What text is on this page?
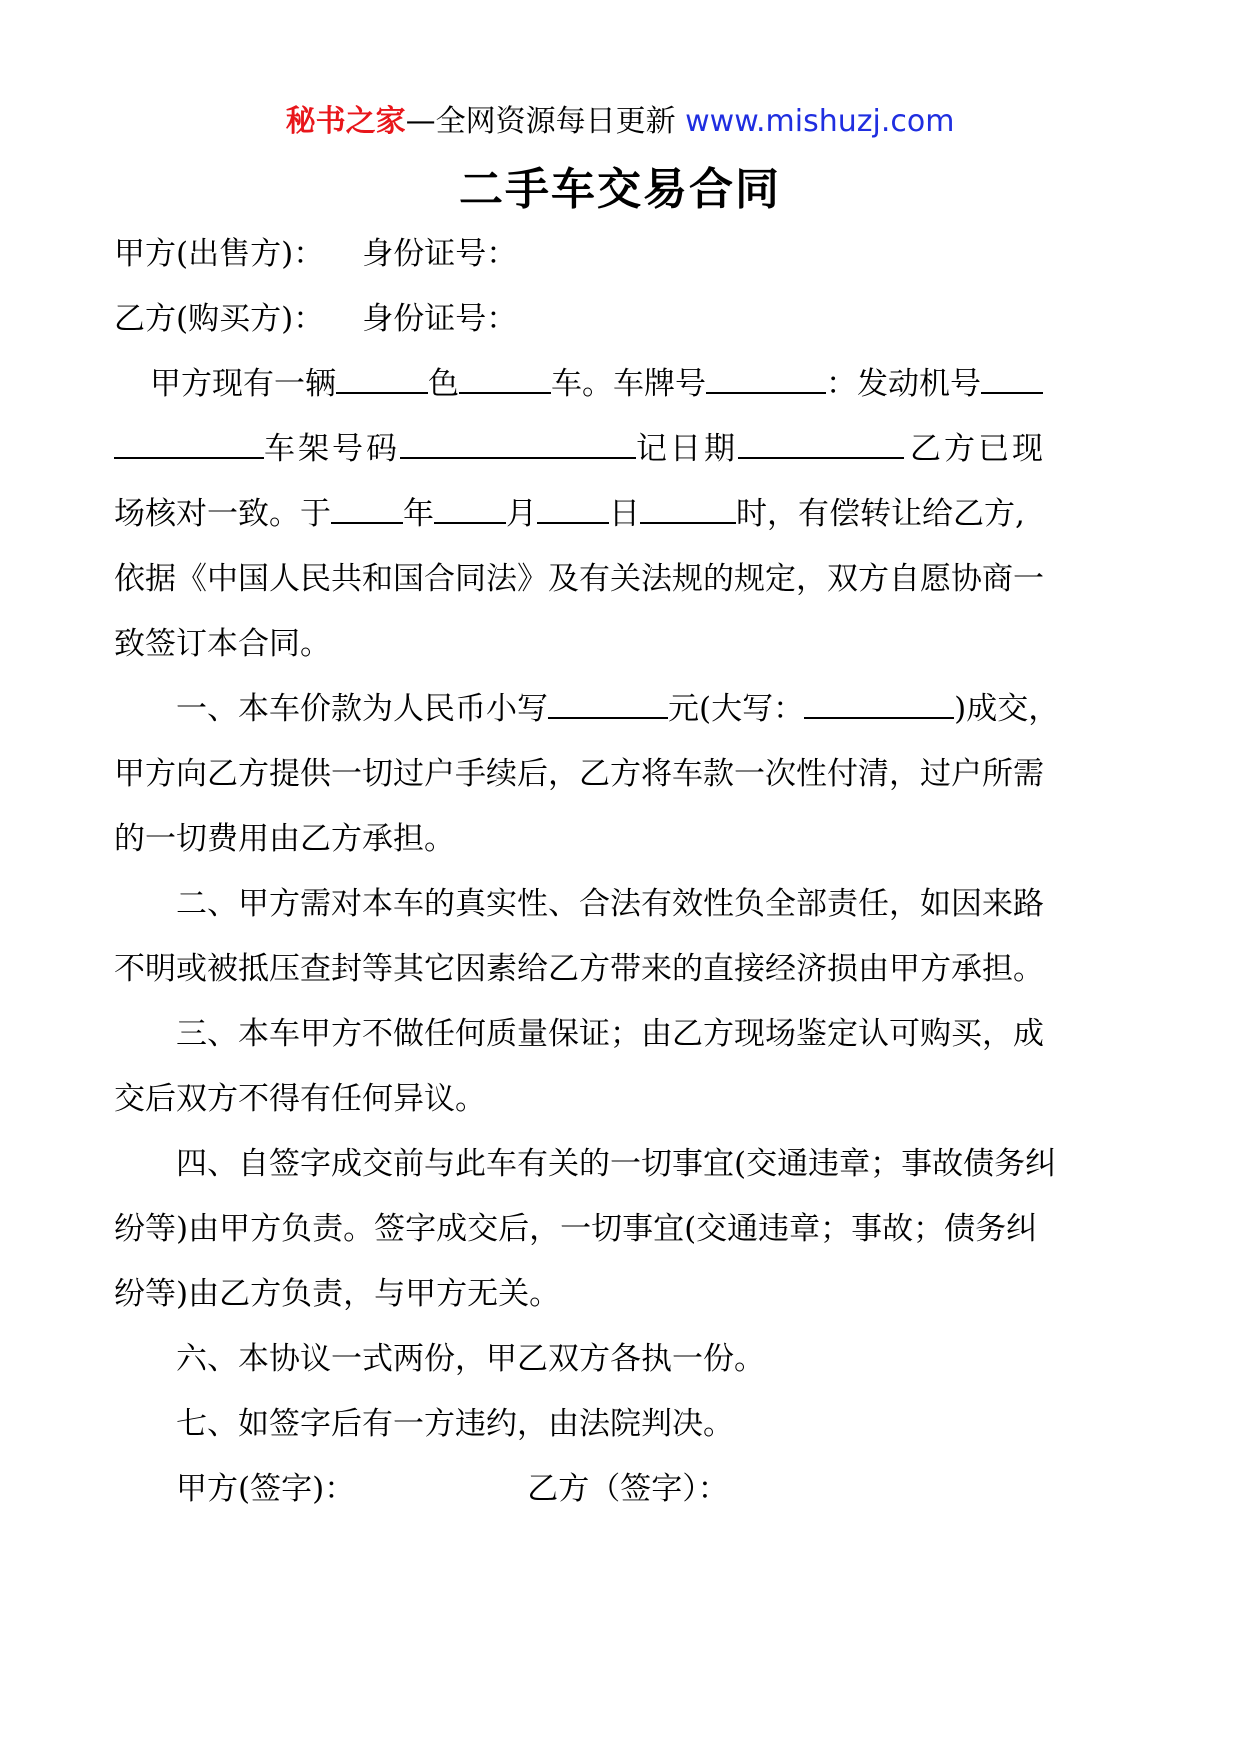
秘书之家—全网资源每日更新 www.mishuzj.com
二手车交易合同
甲方(出售方)： 身份证号：
乙方(购买方)： 身份证号：
甲方现有一辆	色	车。车牌号	：发动机号
车架号码	记日期	乙方已现
场核对一致。于 年 月 日	时，有偿转让给乙方,
依据《中国人民共和国合同法》及有关法规的规定，双方自愿协商一
致签订本合同。
一、本车价款为人民币小写	元(大写：	)成交，
甲方向乙方提供一切过户手续后，乙方将车款一次性付清，过户所需
的一切费用由乙方承担。
二、甲方需对本车的真实性、合法有效性负全部责任，如因来路
不明或被抵压查封等其它因素给乙方带来的直接经济损由甲方承担。
三、本车甲方不做任何质量保证；由乙方现场鉴定认可购买，成
交后双方不得有任何异议。
四、自签字成交前与此车有关的一切事宜(交通违章；事故债务纠
纷等)由甲方负责。签字成交后，一切事宜(交通违章；事故；债务纠
纷等)由乙方负责，与甲方无关。
六、本协议一式两份，甲乙双方各执一份。
七、如签字后有一方违约，由法院判决。
甲方(签字)：	乙方（签字）：
